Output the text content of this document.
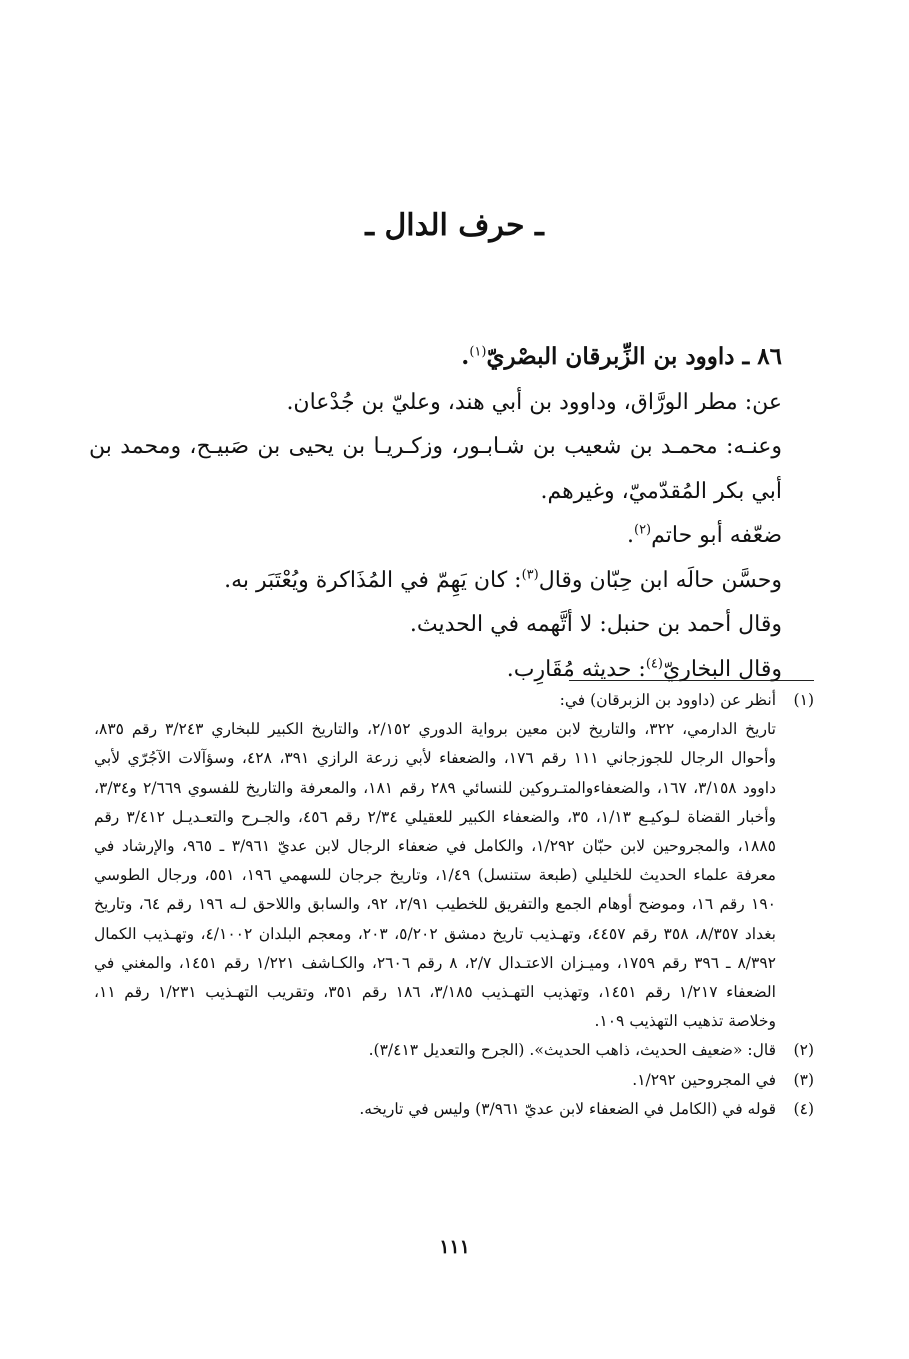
ـ حرف الدال ـ

٨٦ ـ داوود بن الزِّبرقان البصْريّ$^{(١)}$.

عن: مطر الورَّاق، وداوود بن أبي هند، وعليّ بن جُدْعان.

وعنـه: محمـد بن شعيب بن شـابـور، وزكـريـا بن يحيى بن صَبيـح، ومحمد بن أبي بكر المُقدّميّ، وغيرهم.

ضعّفه أبو حاتم$^{(٢)}$.

وحسَّن حالَه ابن حِبّان وقال$^{(٣)}$: كان يَهِمّ في المُذَاكرة ويُعْتَبَر به.

وقال أحمد بن حنبل: لا أتَّهمه في الحديث.

وقال البخاريّ$^{(٤)}$: حديثه مُقَارِب.

(١)
أنظر عن (داوود بن الزبرقان) في:
تاريخ الدارمي، ٣٢٢، والتاريخ لابن معين برواية الدوري ٢/١٥٢، والتاريخ الكبير للبخاري ٣/٢٤٣ رقم ٨٣٥، وأحوال الرجال للجوزجاني ١١١ رقم ١٧٦، والضعفاء لأبي زرعة الرازي ٣٩١، ٤٢٨، وسؤآلات الآجُرّي لأبي داوود ٣/١٥٨، ١٦٧، والضعفاءوالمتـروكين للنسائي ٢٨٩ رقم ١٨١، والمعرفة والتاريخ للفسوي ٢/٦٦٩ و٣/٣٤، وأخبار القضاة لـوكيـع ١/١٣، ٣٥، والضعفاء الكبير للعقيلي ٢/٣٤ رقم ٤٥٦، والجـرح والتعـديـل ٣/٤١٢ رقم ١٨٨٥، والمجروحين لابن حبّان ١/٢٩٢، والكامل في ضعفاء الرجال لابن عديّ ٣/٩٦١ ـ ٩٦٥، والإرشاد في معرفة علماء الحديث للخليلي (طبعة ستنسل) ١/٤٩، وتاريخ جرجان للسهمي ١٩٦، ٥٥١، ورجال الطوسي ١٩٠ رقم ١٦، وموضح أوهام الجمع والتفريق للخطيب ٢/٩١، ٩٢، والسابق واللاحق لـه ١٩٦ رقم ٦٤، وتاريخ بغداد ٨/٣٥٧، ٣٥٨ رقم ٤٤٥٧، وتهـذيب تاريخ دمشق ٥/٢٠٢، ٢٠٣، ومعجم البلدان ٤/١٠٠٢، وتهـذيب الكمال ٨/٣٩٢ ـ ٣٩٦ رقم ١٧٥٩، وميـزان الاعتـدال ٢/٧، ٨ رقم ٢٦٠٦، والكـاشف ١/٢٢١ رقم ١٤٥١، والمغني في الضعفاء ١/٢١٧ رقم ١٤٥١، وتهذيب التهـذيب ٣/١٨٥، ١٨٦ رقم ٣٥١، وتقريب التهـذيب ١/٢٣١ رقم ١١، وخلاصة تذهيب التهذيب ١٠٩.
(٢)
قال: «ضعيف الحديث، ذاهب الحديث». (الجرح والتعديل ٣/٤١٣).
(٣)
في المجروحين ١/٢٩٢.
(٤)
قوله في (الكامل في الضعفاء لابن عديّ ٣/٩٦١) وليس في تاريخه.
١١١
